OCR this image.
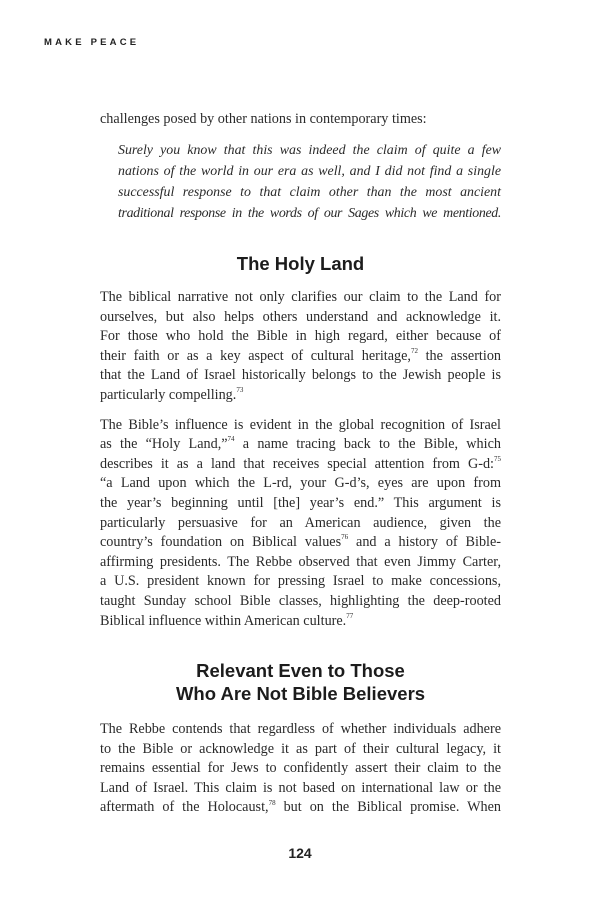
MAKE PEACE

challenges posed by other nations in contemporary times:

Surely you know that this was indeed the claim of quite a few
nations of the world in our era as well, and I did not find a single
successful response to that claim other than the most ancient
traditional response in the words of our Sages which we mentioned.
The Holy Land

The biblical narrative not only clarifies our claim to the Land for
ourselves, but also helps others understand and acknowledge it.
For those who hold the Bible in high regard, either because of
their faith or as a key aspect of cultural heritage,$^{72}$ the assertion
that the Land of Israel historically belongs to the Jewish people is
particularly compelling.$^{73}$

The Bible’s influence is evident in the global recognition of Israel
as the “Holy Land,”$^{74}$ a name tracing back to the Bible, which
describes it as a land that receives special attention from G-d:$^{75}$
“a Land upon which the L-rd, your G-d’s, eyes are upon from
the year’s beginning until [the] year’s end.” This argument is
particularly persuasive for an American audience, given the
country’s foundation on Biblical values$^{76}$ and a history of Bible-
affirming presidents. The Rebbe observed that even Jimmy Carter,
a U.S. president known for pressing Israel to make concessions,
taught Sunday school Bible classes, highlighting the deep-rooted
Biblical influence within American culture.$^{77}$

Relevant Even to Those
Who Are Not Bible Believers

The Rebbe contends that regardless of whether individuals adhere
to the Bible or acknowledge it as part of their cultural legacy, it
remains essential for Jews to confidently assert their claim to the
Land of Israel. This claim is not based on international law or the
aftermath of the Holocaust,$^{78}$ but on the Biblical promise. When

124
